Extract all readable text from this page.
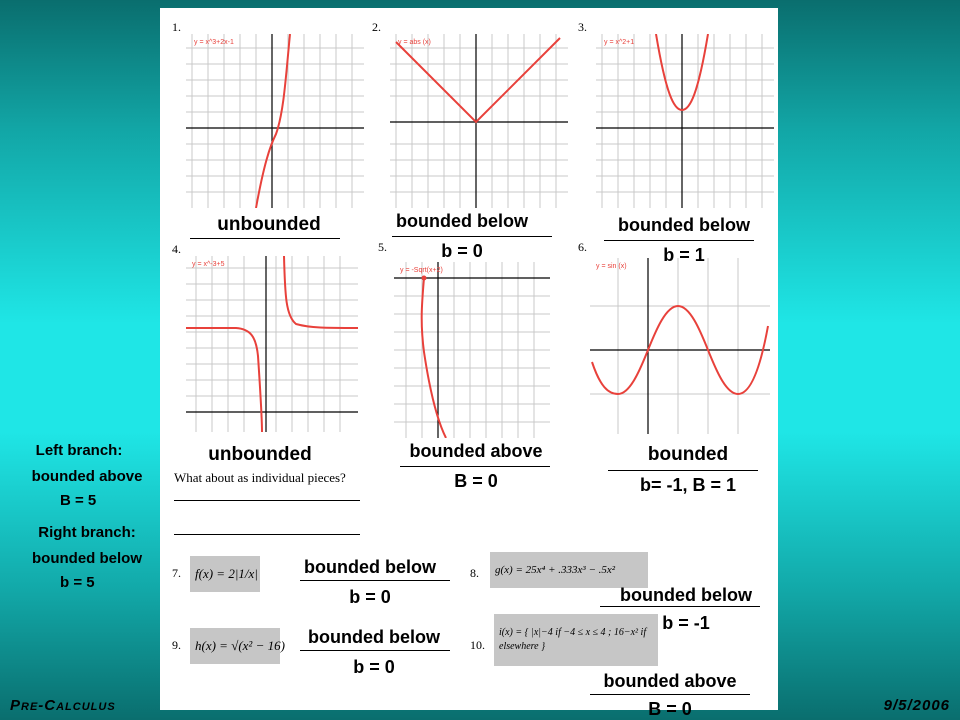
1.	2.	3.
4.	5.	6.
7.	8.
9.	10.
y = x^3+2x-1
unbounded
y = abs (x)
bounded below
b = 0
y = x^2+1
bounded below
b = 1
y = x^-3+5
unbounded
What about as individual pieces?
y = -Sqrt(x+2)
bounded above
B = 0
y = sin (x)
bounded
b= -1, B = 1
Left branch:
bounded above
B = 5
Right branch:
bounded below
b = 5
f(x) = 2|1/x|	bounded below
b = 0
g(x) = 25x⁴ + .333x³ − .5x²
bounded below
b = -1
h(x) = √(x² − 16)	bounded below
b = 0
i(x) = { |x|−4 if −4 ≤ x ≤ 4 ; 16−x² if elsewhere }
bounded above
B = 0
Pre-Calculus	9/5/2006
